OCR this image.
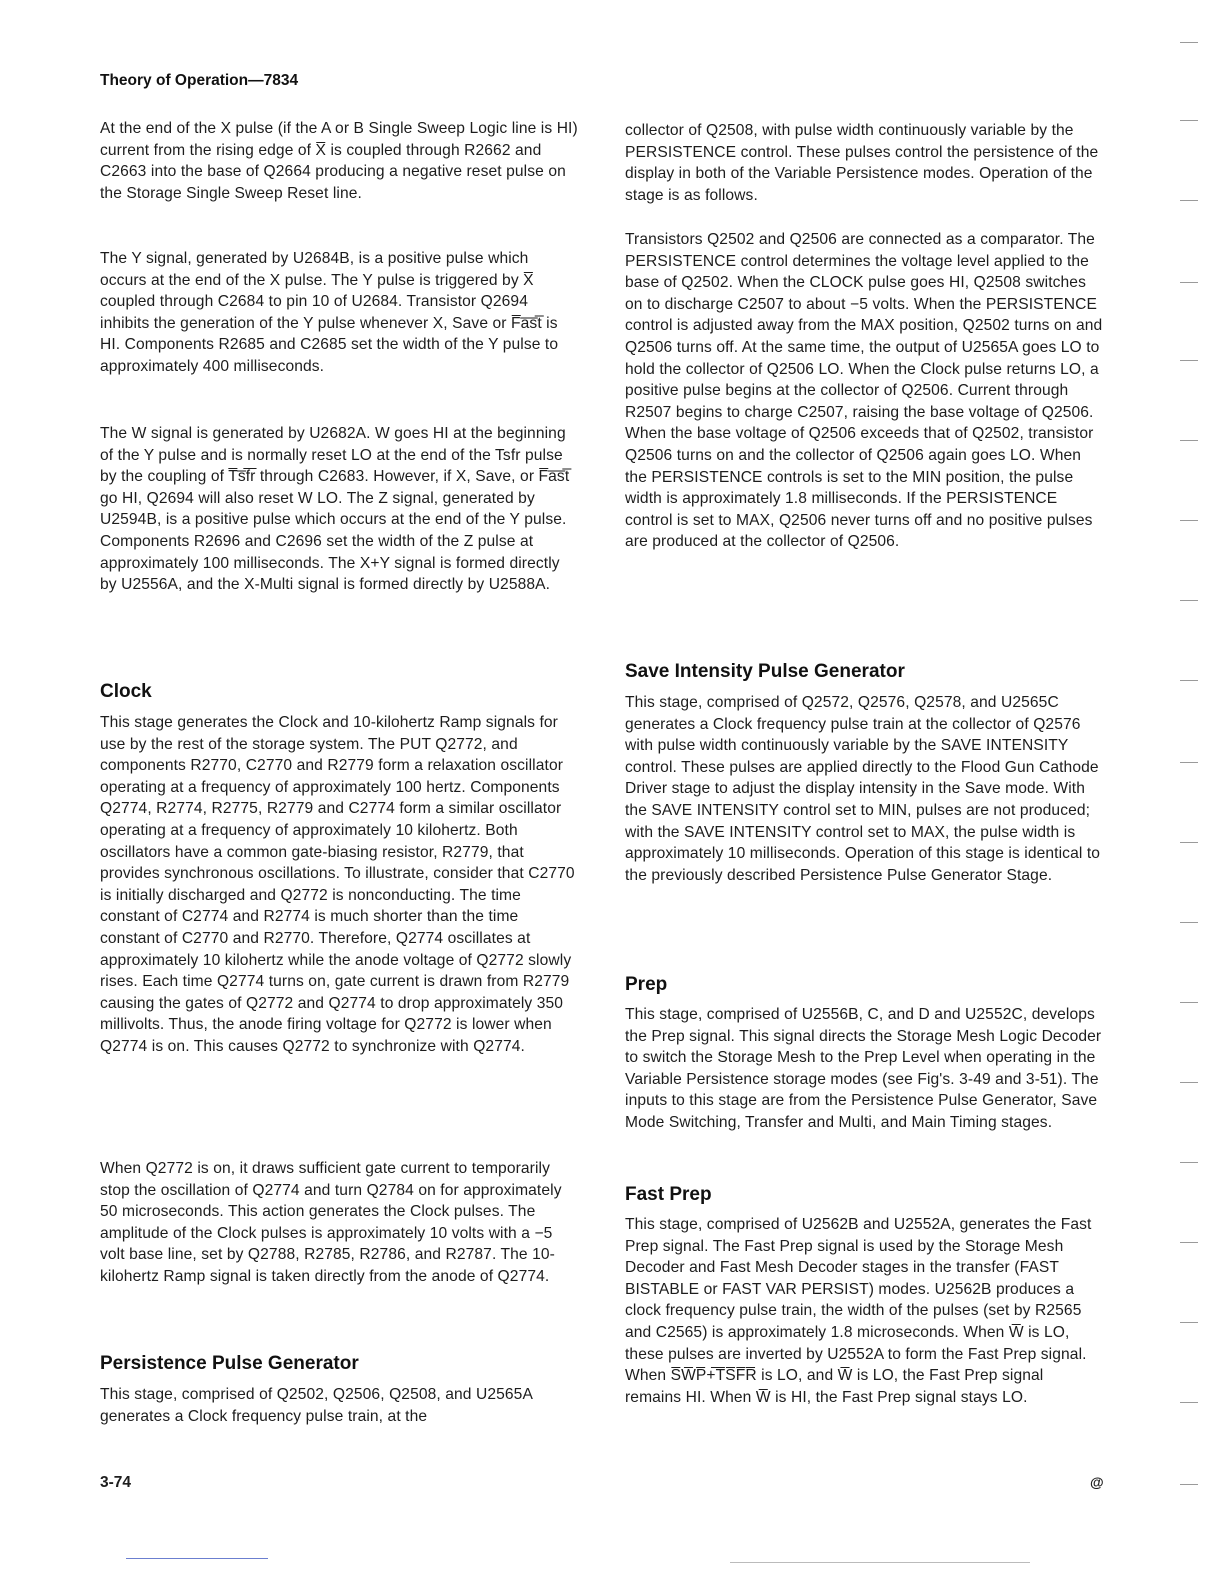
Theory of Operation—7834

At the end of the X pulse (if the A or B Single Sweep Logic line is HI) current from the rising edge of X̅ is coupled through R2662 and C2663 into the base of Q2664 producing a negative reset pulse on the Storage Single Sweep Reset line.

The Y signal, generated by U2684B, is a positive pulse which occurs at the end of the X pulse. The Y pulse is triggered by X̅ coupled through C2684 to pin 10 of U2684. Transistor Q2694 inhibits the generation of the Y pulse whenever X, Save or F̅a̅s̅t̅ is HI. Components R2685 and C2685 set the width of the Y pulse to approximately 400 milliseconds.

The W signal is generated by U2682A. W goes HI at the beginning of the Y pulse and is normally reset LO at the end of the Tsfr pulse by the coupling of T̅s̅f̅r̅ through C2683. However, if X, Save, or F̅a̅s̅t̅ go HI, Q2694 will also reset W LO. The Z signal, generated by U2594B, is a positive pulse which occurs at the end of the Y pulse. Components R2696 and C2696 set the width of the Z pulse at approximately 100 milliseconds. The X+Y signal is formed directly by U2556A, and the X-Multi signal is formed directly by U2588A.

Clock

This stage generates the Clock and 10-kilohertz Ramp signals for use by the rest of the storage system. The PUT Q2772, and components R2770, C2770 and R2779 form a relaxation oscillator operating at a frequency of approximately 100 hertz. Components Q2774, R2774, R2775, R2779 and C2774 form a similar oscillator operating at a frequency of approximately 10 kilohertz. Both oscillators have a common gate-biasing resistor, R2779, that provides synchronous oscillations. To illustrate, consider that C2770 is initially discharged and Q2772 is nonconducting. The time constant of C2774 and R2774 is much shorter than the time constant of C2770 and R2770. Therefore, Q2774 oscillates at approximately 10 kilohertz while the anode voltage of Q2772 slowly rises. Each time Q2774 turns on, gate current is drawn from R2779 causing the gates of Q2772 and Q2774 to drop approximately 350 millivolts. Thus, the anode firing voltage for Q2772 is lower when Q2774 is on. This causes Q2772 to synchronize with Q2774.

When Q2772 is on, it draws sufficient gate current to temporarily stop the oscillation of Q2774 and turn Q2784 on for approximately 50 microseconds. This action generates the Clock pulses. The amplitude of the Clock pulses is approximately 10 volts with a −5 volt base line, set by Q2788, R2785, R2786, and R2787. The 10-kilohertz Ramp signal is taken directly from the anode of Q2774.

Persistence Pulse Generator

This stage, comprised of Q2502, Q2506, Q2508, and U2565A generates a Clock frequency pulse train, at the

collector of Q2508, with pulse width continuously variable by the PERSISTENCE control. These pulses control the persistence of the display in both of the Variable Persistence modes. Operation of the stage is as follows.

Transistors Q2502 and Q2506 are connected as a comparator. The PERSISTENCE control determines the voltage level applied to the base of Q2502. When the CLOCK pulse goes HI, Q2508 switches on to discharge C2507 to about −5 volts. When the PERSISTENCE control is adjusted away from the MAX position, Q2502 turns on and Q2506 turns off. At the same time, the output of U2565A goes LO to hold the collector of Q2506 LO. When the Clock pulse returns LO, a positive pulse begins at the collector of Q2506. Current through R2507 begins to charge C2507, raising the base voltage of Q2506. When the base voltage of Q2506 exceeds that of Q2502, transistor Q2506 turns on and the collector of Q2506 again goes LO. When the PERSISTENCE controls is set to the MIN position, the pulse width is approximately 1.8 milliseconds. If the PERSISTENCE control is set to MAX, Q2506 never turns off and no positive pulses are produced at the collector of Q2506.

Save Intensity Pulse Generator

This stage, comprised of Q2572, Q2576, Q2578, and U2565C generates a Clock frequency pulse train at the collector of Q2576 with pulse width continuously variable by the SAVE INTENSITY control. These pulses are applied directly to the Flood Gun Cathode Driver stage to adjust the display intensity in the Save mode. With the SAVE INTENSITY control set to MIN, pulses are not produced; with the SAVE INTENSITY control set to MAX, the pulse width is approximately 10 milliseconds. Operation of this stage is identical to the previously described Persistence Pulse Generator Stage.

Prep

This stage, comprised of U2556B, C, and D and U2552C, develops the Prep signal. This signal directs the Storage Mesh Logic Decoder to switch the Storage Mesh to the Prep Level when operating in the Variable Persistence storage modes (see Fig's. 3-49 and 3-51). The inputs to this stage are from the Persistence Pulse Generator, Save Mode Switching, Transfer and Multi, and Main Timing stages.

Fast Prep

This stage, comprised of U2562B and U2552A, generates the Fast Prep signal. The Fast Prep signal is used by the Storage Mesh Decoder and Fast Mesh Decoder stages in the transfer (FAST BISTABLE or FAST VAR PERSIST) modes. U2562B produces a clock frequency pulse train, the width of the pulses (set by R2565 and C2565) is approximately 1.8 microseconds. When W̅ is LO, these pulses are inverted by U2552A to form the Fast Prep signal. When S̅W̅P̅+̅T̅S̅F̅R̅ is LO, and W̅ is LO, the Fast Prep signal remains HI. When W̅ is HI, the Fast Prep signal stays LO.

3-74	@
